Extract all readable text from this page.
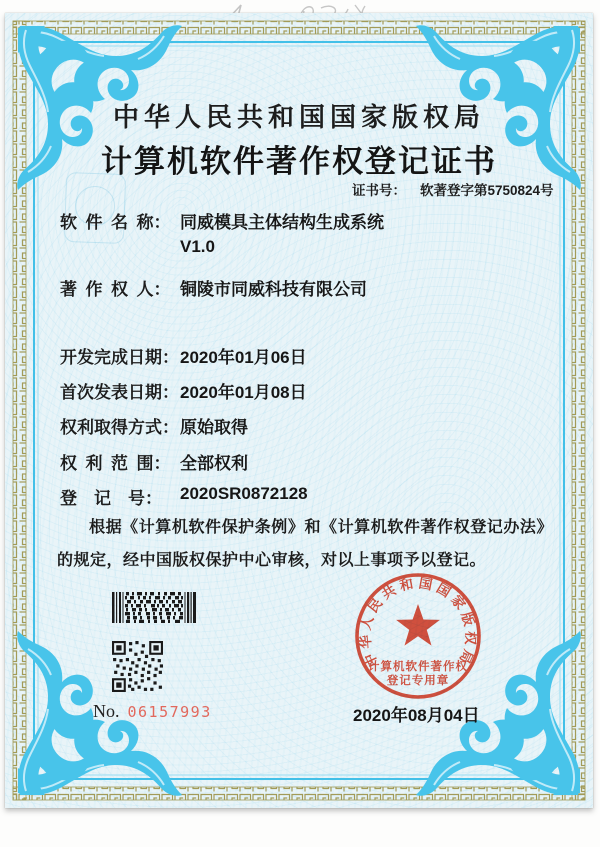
中华人民共和国国家版权局
计算机软件著作权登记证书
证书号： 软著登字第5750824号
软  件  名  称： 同威模具主体结构生成系统
V1.0
著  作  权  人： 铜陵市同威科技有限公司
开发完成日期： 2020年01月06日
首次发表日期： 2020年01月08日
权利取得方式： 原始取得
权  利  范  围： 全部权利
登　记　号：	2020SR0872128

根据《计算机软件保护条例》和《计算机软件著作权登记办法》的规定，经中国版权保护中心审核，对以上事项予以登记。

No. 06157993	2020年08月04日
中华人民共和国国家版权局
计算机软件著作权
登记专用章
